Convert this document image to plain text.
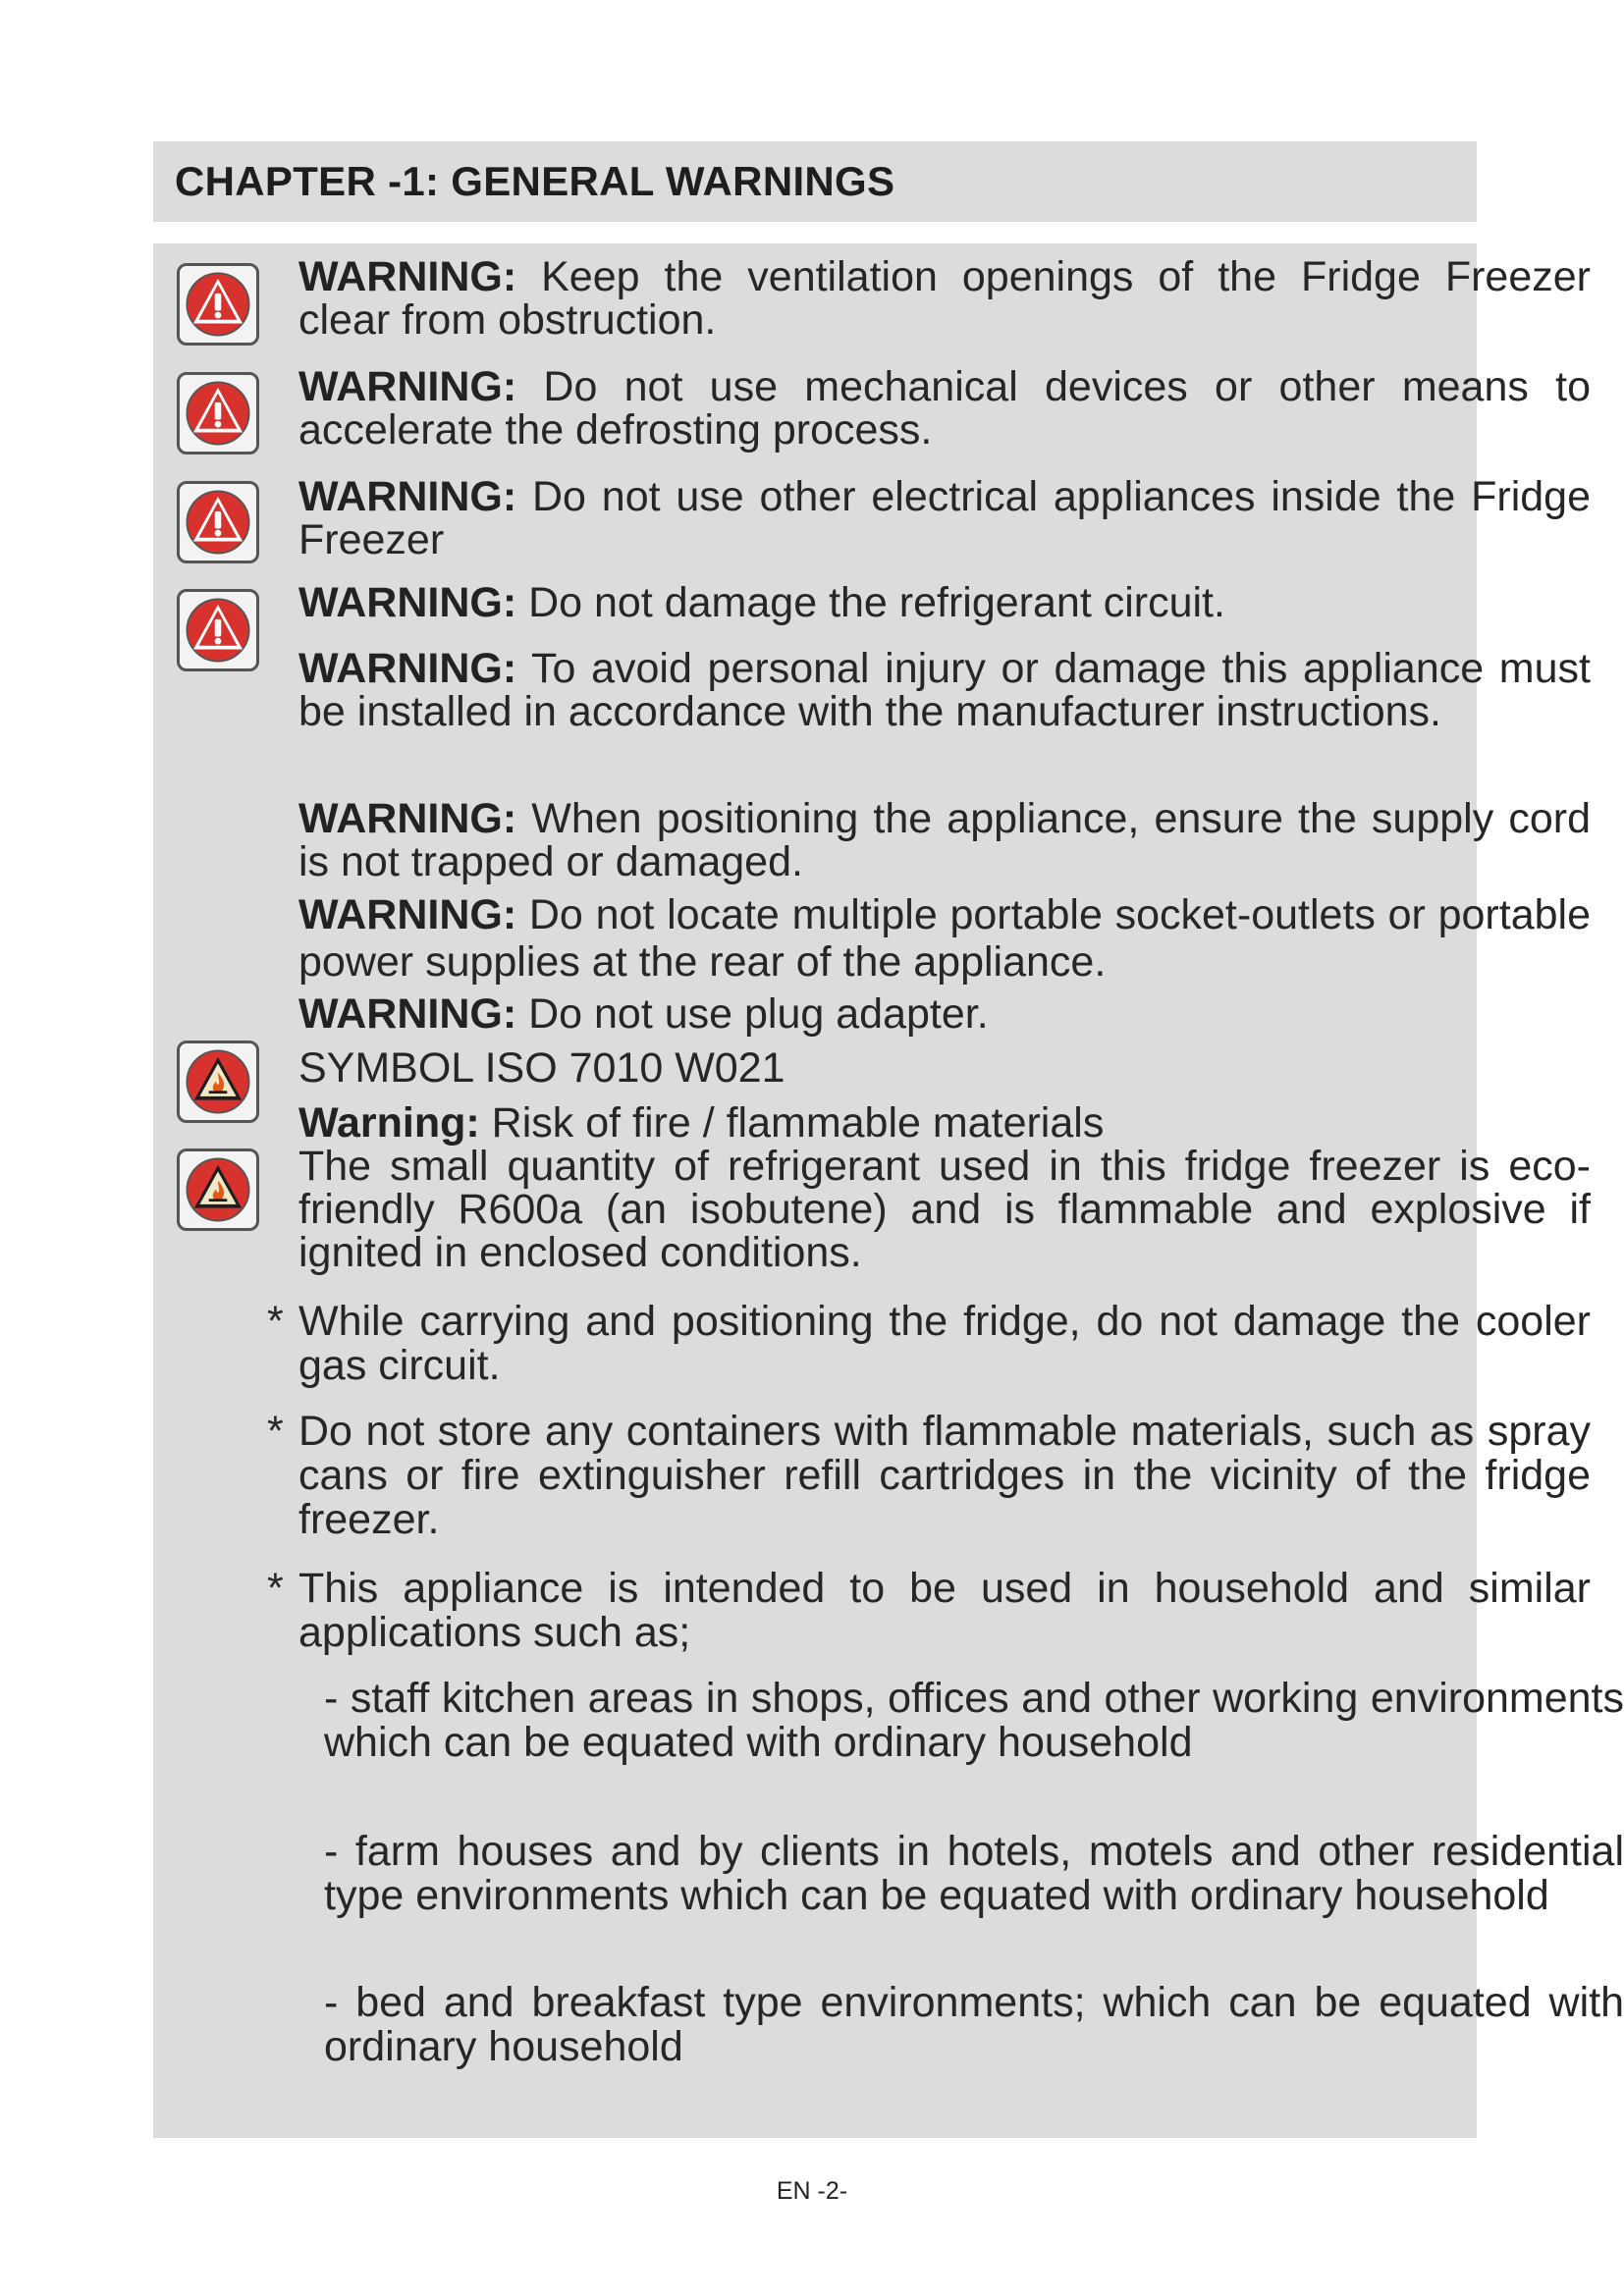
CHAPTER -1: GENERAL WARNINGS

WARNING: Keep the ventilation openings of the Fridge Freezer clear from obstruction.

WARNING: Do not use mechanical devices or other means to accelerate the defrosting process.

WARNING: Do not use other electrical appliances inside the Fridge Freezer

WARNING: Do not damage the refrigerant circuit.

WARNING: To avoid personal injury or damage this appliance must be installed in accordance with the manufacturer instructions.

WARNING: When positioning the appliance, ensure the supply cord is not trapped or damaged.

WARNING: Do not locate multiple portable socket-outlets or portable power supplies at the rear of the appliance.

WARNING: Do not use plug adapter.

SYMBOL ISO 7010 W021

Warning: Risk of fire / flammable materials

The small quantity of refrigerant used in this fridge freezer is eco- friendly R600a (an isobutene) and is flammable and explosive if ignited in enclosed conditions.

* While carrying and positioning the fridge, do not damage the cooler gas circuit.
* Do not store any containers with flammable materials, such as spray cans or fire extinguisher refill cartridges in the vicinity of the fridge freezer.
* This appliance is intended to be used in household and similar applications such as;

- staff kitchen areas in shops, offices and other working environments which can be equated with ordinary household

- farm houses and by clients in hotels, motels and other residential type environments which can be equated with ordinary household

- bed and breakfast type environments; which can be equated with ordinary household

EN -2-
